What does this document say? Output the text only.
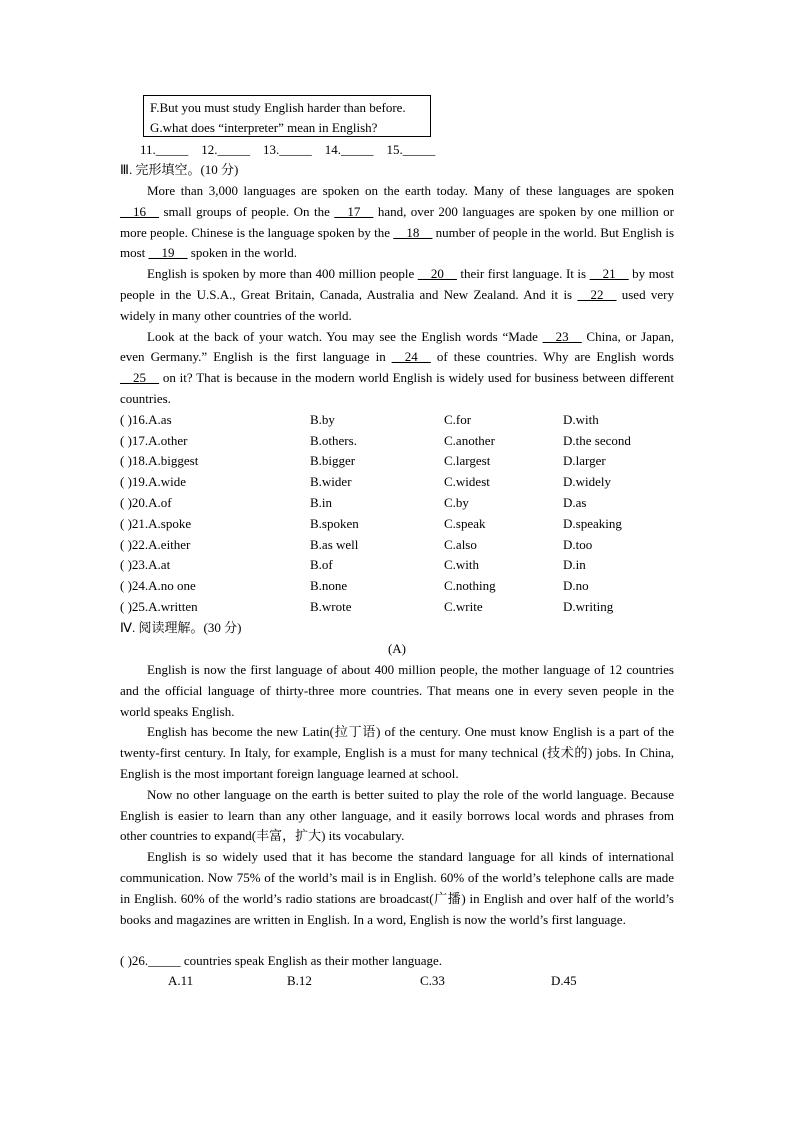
F.But you must study English harder than before.
G.what does “interpreter” mean in English?
11._____    12._____    13._____    14._____    15._____
Ⅲ. 完形填空。(10 分)

More than 3,000 languages are spoken on the earth today. Many of these languages are spoken __16__ small groups of people. On the __17__ hand, over 200 languages are spoken by one million or more people. Chinese is the language spoken by the __18__ number of people in the world. But English is most __19__ spoken in the world.

English is spoken by more than 400 million people __20__ their first language. It is __21__ by most people in the U.S.A., Great Britain, Canada, Australia and New Zealand. And it is __22__ used very widely in many other countries of the world.

Look at the back of your watch. You may see the English words “Made __23__ China, or Japan, even Germany.” English is the first language in __24__ of these countries. Why are English words __25__ on it? That is because in the modern world English is widely used for business between different countries.

( )16.A.as	B.by	C.for	D.with
( )17.A.other	B.others.	C.another	D.the second
( )18.A.biggest	B.bigger	C.largest	D.larger
( )19.A.wide	B.wider	C.widest	D.widely
( )20.A.of	B.in	C.by	D.as
( )21.A.spoke	B.spoken	C.speak	D.speaking
( )22.A.either	B.as well	C.also	D.too
( )23.A.at	B.of	C.with	D.in
( )24.A.no one	B.none	C.nothing	D.no
( )25.A.written	B.wrote	C.write	D.writing
Ⅳ. 阅读理解。(30 分)
(A)

English is now the first language of about 400 million people, the mother language of 12 countries and the official language of thirty-three more countries. That means one in every seven people in the world speaks English.

English has become the new Latin(拉丁语) of the century. One must know English is a part of the twenty-first century. In Italy, for example, English is a must for many technical (技术的) jobs. In China, English is the most important foreign language learned at school.

Now no other language on the earth is better suited to play the role of the world language. Because English is easier to learn than any other language, and it easily borrows local words and phrases from other countries to expand(丰富，扩大) its vocabulary.

English is so widely used that it has become the standard language for all kinds of international communication. Now 75% of the world’s mail is in English. 60% of the world’s telephone calls are made in English. 60% of the world’s radio stations are broadcast(广播) in English and over half of the world’s books and magazines are written in English. In a word, English is now the world’s first language.

( )26._____ countries speak English as their mother language.
A.11	B.12	C.33	D.45
